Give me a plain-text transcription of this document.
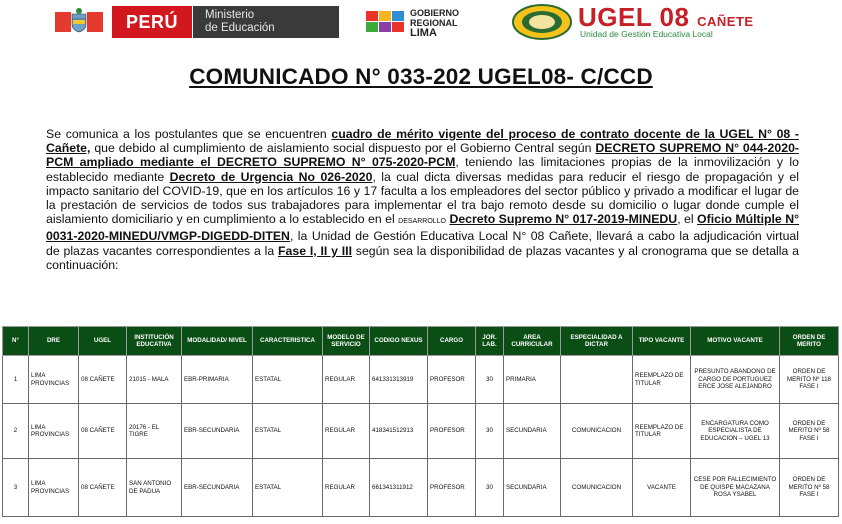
PERÚ	Ministerio
de Educación
GOBIERNO
REGIONAL
LIMA
UGEL 08 CAÑETE
Unidad de Gestión Educativa Local
COMUNICADO N° 033-202 UGEL08- C/CCD
Se comunica a los postulantes que se encuentren cuadro de mérito vigente del proceso de contrato docente de la UGEL N° 08 - Cañete, que debido al cumplimiento de aislamiento social dispuesto por el Gobierno Central según DECRETO SUPREMO N° 044-2020-PCM ampliado mediante el DECRETO SUPREMO N° 075-2020-PCM, teniendo las limitaciones propias de la inmovilización y lo establecido mediante Decreto de Urgencia No 026-2020, la cual dicta diversas medidas para reducir el riesgo de propagación y el impacto sanitario del COVID-19, que en los artículos 16 y 17 faculta a los empleadores del sector público y privado a modificar el lugar de la prestación de servicios de todos sus trabajadores para implementar el tra bajo remoto desde su domicilio o lugar donde cumple el aislamiento domiciliario y en cumplimiento a lo establecido en el DESARROLLO Decreto Supremo N° 017-2019-MINEDU, el Oficio Múltiple N° 0031-2020-MINEDU/VMGP-DIGEDD-DITEN, la Unidad de Gestión Educativa Local N° 08 Cañete, llevará a cabo la adjudicación virtual de plazas vacantes correspondientes a la Fase I, II y III según sea la disponibilidad de plazas vacantes y al cronograma que se detalla a continuación:
N°	DRE	UGEL	INSTITUCIÓN EDUCATIVA	MODALIDAD/ NIVEL	CARACTERISTICA	MODELO DE SERVICIO	CODIGO NEXUS	CARGO	JOR. LAB.	AREA CURRICULAR	ESPECIALIDAD A DICTAR	TIPO VACANTE	MOTIVO VACANTE	ORDEN DE MERITO
1	LIMA PROVINCIAS	08 CAÑETE	21015 - MALA	EBR-PRIMARIA	ESTATAL	REGULAR	641331313919	PROFESOR	30	PRIMARIA		REEMPLAZO DE TITULAR	PRESUNTO ABANDONO DE CARGO DE PORTUGUEZ ERCE JOSE ALEJANDRO	ORDEN DE MERITO Nº 118 FASE I
2	LIMA PROVINCIAS	08 CAÑETE	20176 - EL TIGRE	EBR-SECUNDARIA	ESTATAL	REGULAR	418341512913	PROFESOR	30	SECUNDARIA	COMUNICACION	REEMPLAZO DE TITULAR	ENCARGATURA COMO ESPECIALISTA DE EDUCACION – UGEL 13	ORDEN DE MERITO Nº 58 FASE I
3	LIMA PROVINCIAS	08 CAÑETE	SAN ANTONIO DE PADUA	EBR-SECUNDARIA	ESTATAL	REGULAR	661341311912	PROFESOR	30	SECUNDARIA	COMUNICACION	VACANTE	CESE POR FALLECIMIENTO DE QUISPE MACAZANA ROSA YSABEL	ORDEN DE MERITO Nº 58 FASE I
